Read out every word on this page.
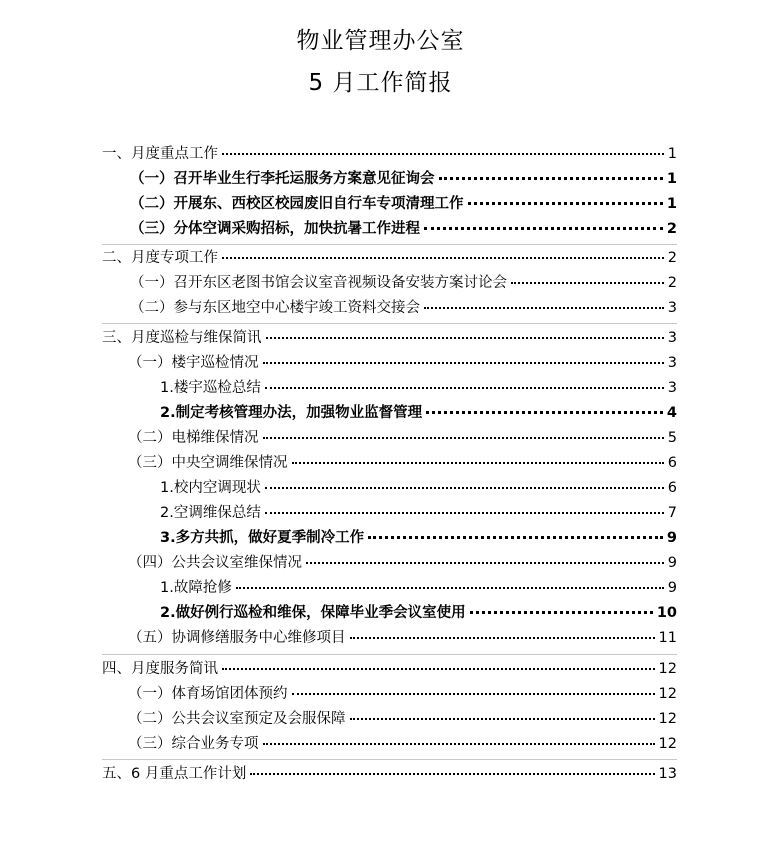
物业管理办公室
5 月工作简报
一、月度重点工作	1
（一）召开毕业生行李托运服务方案意见征询会	1
（二）开展东、西校区校园废旧自行车专项清理工作	1
（三）分体空调采购招标，加快抗暑工作进程	2
二、月度专项工作	2
（一）召开东区老图书馆会议室音视频设备安装方案讨论会	2
（二）参与东区地空中心楼宇竣工资料交接会	3
三、月度巡检与维保简讯	3
（一）楼宇巡检情况	3
1.楼宇巡检总结	3
2.制定考核管理办法，加强物业监督管理	4
（二）电梯维保情况	5
（三）中央空调维保情况	6
1.校内空调现状	6
2.空调维保总结	7
3.多方共抓，做好夏季制冷工作	9
（四）公共会议室维保情况	9
1.故障抢修	9
2.做好例行巡检和维保，保障毕业季会议室使用	10
（五）协调修缮服务中心维修项目	11
四、月度服务简讯	12
（一）体育场馆团体预约	12
（二）公共会议室预定及会服保障	12
（三）综合业务专项	12
五、6 月重点工作计划	13
